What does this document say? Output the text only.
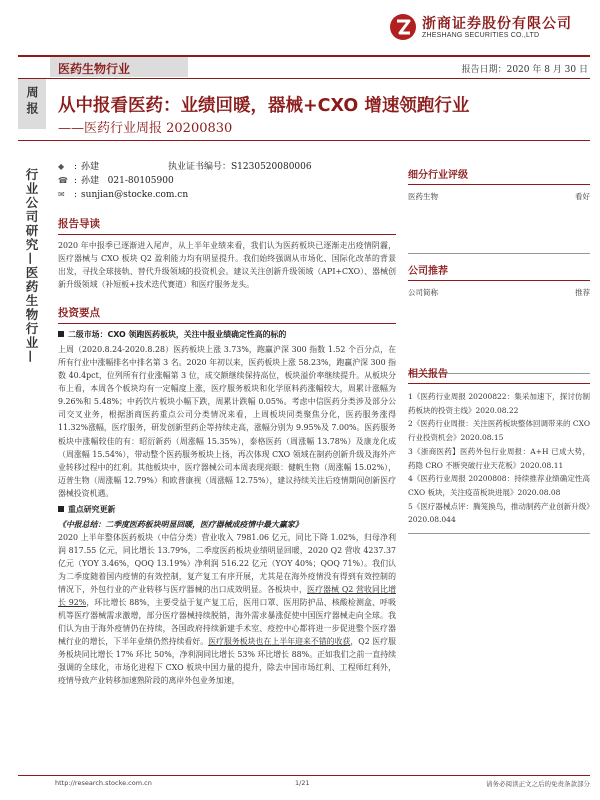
浙商证券股份有限公司
ZHESHANG SECURITIES CO.,LTD
医药生物行业	报告日期：2020 年 8 月 30 日
周报 从中报看医药：业绩回暖，器械+CXO 增速领跑行业
——医药行业周报 20200830
行业公司研究—医药生物行业—
◆ : 孙建	执业证书编号：S1230520080006
☎ : 孙建 021-80105900
✉ : sunjian@stocke.com.cn
报告导读

2020 年中报季已逐渐进入尾声，从上半年业绩来看，我们认为医药板块已逐渐走出疫情阴霾，医疗器械与 CXO 板块 Q2 盈利能力均有明显提升。我们始终强调从市场化、国际化改革的背景出发，寻找全球接轨、替代升级领域的投资机会。建议关注创新升级领域（API+CXO）、器械创新升级领域（补短板+技术迭代赛道）和医疗服务龙头。

投资要点
二级市场：CXO 领跑医药板块，关注中报业绩确定性高的标的

上周（2020.8.24-2020.8.28）医药板块上涨 3.73%，跑赢沪深 300 指数 1.52 个百分点，在所有行业中涨幅排名中排名第 3 名。2020 年初以来，医药板块上涨 58.23%，跑赢沪深 300 指数 40.4pct，位列所有行业涨幅第 3 位，成交额继续保持高位，板块溢价率继续提升。从板块分布上看，本周各个板块均有一定幅度上涨，医疗服务板块和化学原料药涨幅较大，周累计涨幅为 9.26%和 5.48%；中药饮片板块小幅下跌，周累计跌幅 0.05%。考虑中信医药分类涉及部分公司交叉业务，根据浙商医药重点公司分类情况来看，上周板块同类聚焦分化，医药服务涨得 11.32%涨幅，医疗服务，研发创新型药企等持续走高，涨幅分别为 9.95%及 7.00%。医药服务板块中涨幅较佳的有：昭衍新药（周涨幅 15.35%），泰格医药（周涨幅 13.78%）及康龙化成（周涨幅 15.54%），带动整个医药服务板块上扬，再次体现 CXO 领域在制药创新升级及海外产业转移过程中的红利。其他板块中，医疗器械公司本周表现亮眼：健帆生物（周涨幅 15.02%），迈普生物（周涨幅 12.79%）和欧普康视（周涨幅 12.75%），建议持续关注后疫情期间创新医疗器械投资机遇。

重点研究更新
《中报总结：二季度医药板块明显回暖，医疗器械成疫情中最大赢家》

2020 上半年整体医药板块（中信分类）营业收入 7981.06 亿元，同比下降 1.02%，归母净利润 817.55 亿元，同比增长 13.79%，二季度医药板块业绩明显回暖，2020 Q2 营收 4237.37 亿元（YOY 3.46%，QOQ 13.19%）净利润 516.22 亿元（YOY 40%；QOQ 71%）。我们认为二季度随着国内疫情的有效控制，复产复工有序开展，尤其是在海外疫情没有得到有效控制的情况下，外包行业的产业转移与医疗器械的出口成效明显。各板块中，医疗器械 Q2 营收同比增长 92%，环比增长 88%，主要受益于复产复工后，医用口罩、医用防护品、核酸检测盒、呼吸机等医疗器械需求激增，部分医疗器械持续脱销，海外需求暴涨促使中国医疗器械走向全球。我们认为由于海外疫情仍在持续，各国政府持续新建手术室、疫控中心都将进一步促进整个医疗器械行业的增长，下半年业绩仍然持续看好。医疗服务板块也在上半年迎来不错的收获，Q2 医疗服务板块同比增长 17% 环比 50%，净利润同比增长 53% 环比增长 88%。正如我们之前一直持续强调的全球化，市场化进程下 CXO 板块中国力量的提升，除去中国市场红利、工程师红利外，疫情导致产业转移加速熟阶段的离岸外包业务加速，

细分行业评级
医药生物	看好
公司推荐
公司简称	推荐
相关报告
1《医药行业周报 20200822：集采加速下，探讨仿制药板块的投资主线》2020.08.22
2《医药行业周报：关注医药板块整体回调带来的 CXO 行业投资机会》2020.08.15
3《浙商医药】医药外包行业周报：A+H 已成大势，药隐 CRO 不断突破行业天花板》2020.08.11
4《医药行业周报 20200808：持续推荐业绩确定性高 CXO 板块，关注疫苗板块进展》2020.08.08
5《医疗器械点评：腾笼换鸟，推动制药产业创新升级》2020.08.044
http://research.stocke.com.cn	1/21	请务必阅读正文之后的免责条款部分
